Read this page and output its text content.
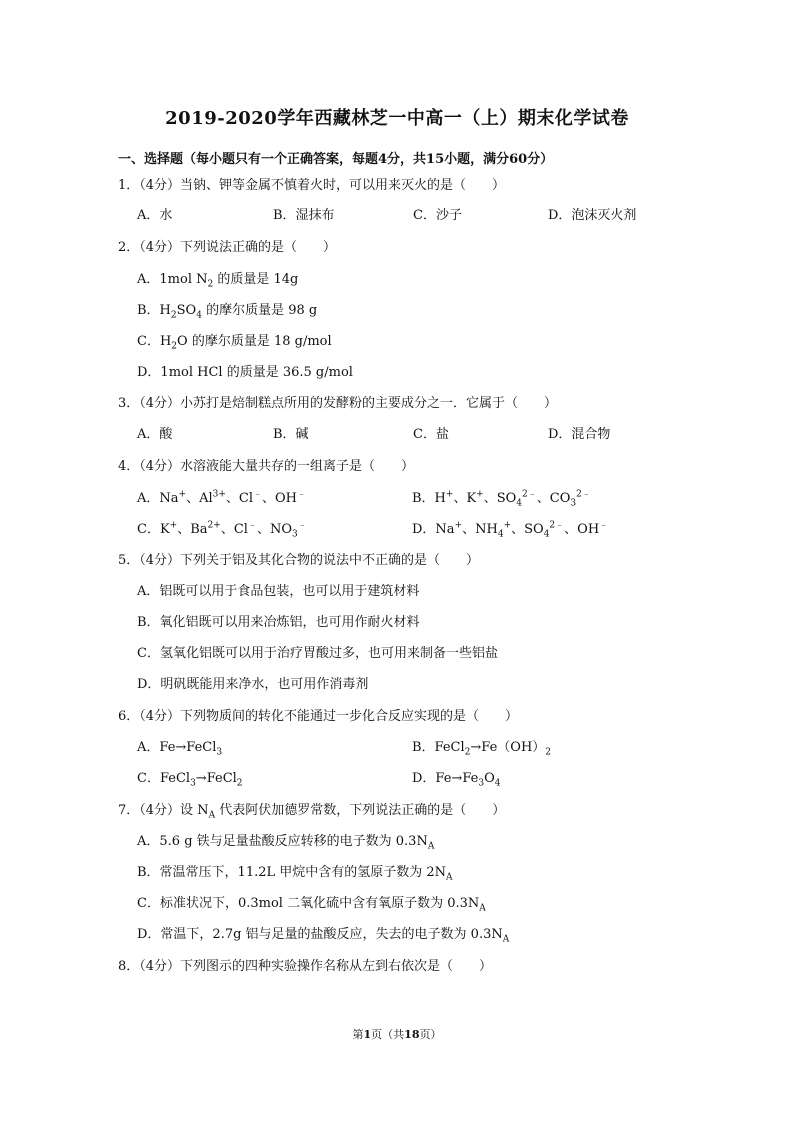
2019-2020学年西藏林芝一中高一（上）期末化学试卷
一、选择题（每小题只有一个正确答案，每题4分，共15小题，满分60分）
1．（4分）当钠、钾等金属不慎着火时，可以用来灭火的是（　　）
A．水	B．湿抹布	C．沙子	D．泡沫灭火剂
2．（4分）下列说法正确的是（　　）
A．1mol $N_2$ 的质量是 14g
B．$H_2SO_4$ 的摩尔质量是 98 g
C．$H_2O$ 的摩尔质量是 18 g/mol
D．1mol HCl 的质量是 36.5 g/mol
3．（4分）小苏打是焙制糕点所用的发酵粉的主要成分之一．它属于（　　）
A．酸	B．碱	C．盐	D．混合物
4．（4分）水溶液能大量共存的一组离子是（　　）
A．Na+、$Al^{3+}$、Cl﹣、OH﹣	B．H+、K+、$SO_4^{2﹣}$、$CO_3^{2﹣}$
C．K+、$Ba^{2+}$、Cl﹣、$NO_3^﹣$	D．Na+、$NH_4^+$、$SO_4^{2﹣}$、OH﹣
5．（4分）下列关于铝及其化合物的说法中不正确的是（　　）
A．铝既可以用于食品包装，也可以用于建筑材料
B．氧化铝既可以用来冶炼铝，也可用作耐火材料
C．氢氧化铝既可以用于治疗胃酸过多，也可用来制备一些铝盐
D．明矾既能用来净水，也可用作消毒剂
6．（4分）下列物质间的转化不能通过一步化合反应实现的是（　　）
A．Fe→FeCl$_3$	B．$FeCl_2\to Fe(OH)_2$
C．FeCl$_3$→FeCl$_2$	D．$Fe\to Fe_3O_4$
7．（4分）设 $N_A$ 代表阿伏加德罗常数，下列说法正确的是（　　）
A．5.6 g 铁与足量盐酸反应转移的电子数为 $0.3N_A$
B．常温常压下，11.2L 甲烷中含有的氢原子数为 $2N_A$
C．标准状况下，0.3mol 二氧化硫中含有氧原子数为 $0.3N_A$
D．常温下，2.7g 铝与足量的盐酸反应，失去的电子数为 $0.3N_A$
8．（4分）下列图示的四种实验操作名称从左到右依次是（　　）
第1页（共18页）
